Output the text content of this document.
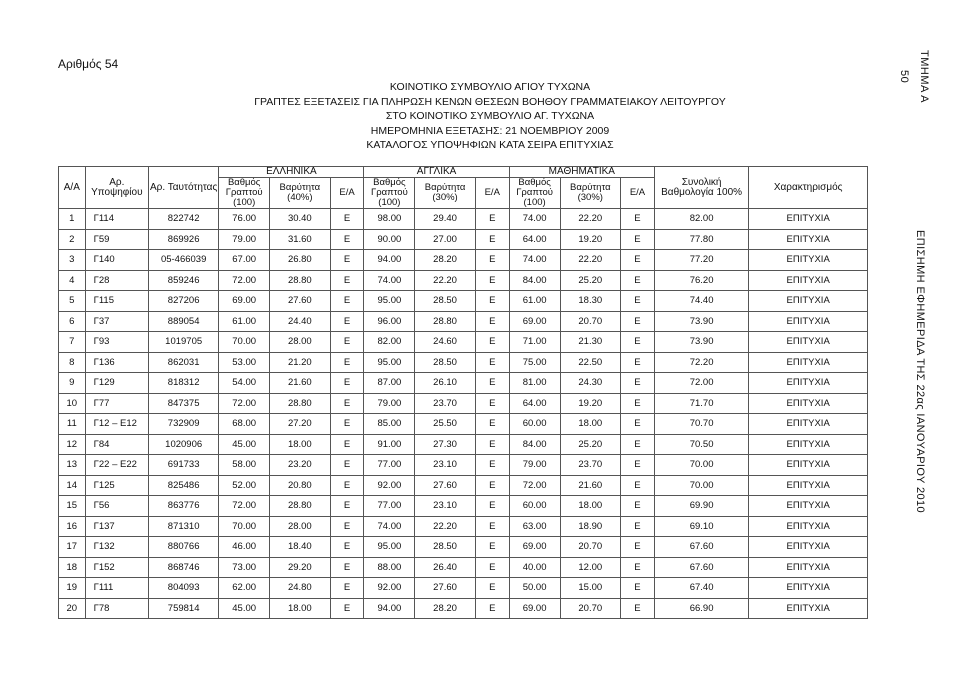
Αριθμός 54	ΤΜΗΜΑ Α
50
ΕΠΙΣΗΜΗ ΕΦΗΜΕΡΙΔΑ ΤΗΣ 22ας ΙΑΝΟΥΑΡΙΟΥ 2010
ΚΟΙΝΟΤΙΚΟ ΣΥΜΒΟΥΛΙΟ ΑΓΙΟΥ ΤΥΧΩΝΑ
ΓΡΑΠΤΕΣ ΕΞΕΤΑΣΕΙΣ ΓΙΑ ΠΛΗΡΩΣΗ ΚΕΝΩΝ ΘΕΣΕΩΝ ΒΟΗΘΟΥ ΓΡΑΜΜΑΤΕΙΑΚΟΥ ΛΕΙΤΟΥΡΓΟΥ
ΣΤΟ ΚΟΙΝΟΤΙΚΟ ΣΥΜΒΟΥΛΙΟ ΑΓ. ΤΥΧΩΝΑ
ΗΜΕΡΟΜΗΝΙΑ ΕΞΕΤΑΣΗΣ: 21 ΝΟΕΜΒΡΙΟΥ 2009
ΚΑΤΑΛΟΓΟΣ ΥΠΟΨΗΦΙΩΝ ΚΑΤΑ ΣΕΙΡΑ ΕΠΙΤΥΧΙΑΣ
Α/Α	Αρ. Υποψηφίου	Αρ. Ταυτότητας	ΕΛΛΗΝΙΚΑ			ΑΓΓΛΙΚΑ			ΜΑΘΗΜΑΤΙΚΑ			Συνολική Βαθμολογία 100%	Χαρακτηρισμός
			Βαθμός Γραπτού (100)	Βαρύτητα (40%)	Ε/Α	Βαθμός Γραπτού (100)	Βαρύτητα (30%)	Ε/Α	Βαθμός Γραπτού (100)	Βαρύτητα (30%)	Ε/Α		
1	Γ114	822742	76.00	30.40	Ε	98.00	29.40	Ε	74.00	22.20	Ε	82.00	ΕΠΙΤΥΧΙΑ
2	Γ59	869926	79.00	31.60	Ε	90.00	27.00	Ε	64.00	19.20	Ε	77.80	ΕΠΙΤΥΧΙΑ
3	Γ140	05-466039	67.00	26.80	Ε	94.00	28.20	Ε	74.00	22.20	Ε	77.20	ΕΠΙΤΥΧΙΑ
4	Γ28	859246	72.00	28.80	Ε	74.00	22.20	Ε	84.00	25.20	Ε	76.20	ΕΠΙΤΥΧΙΑ
5	Γ115	827206	69.00	27.60	Ε	95.00	28.50	Ε	61.00	18.30	Ε	74.40	ΕΠΙΤΥΧΙΑ
6	Γ37	889054	61.00	24.40	Ε	96.00	28.80	Ε	69.00	20.70	Ε	73.90	ΕΠΙΤΥΧΙΑ
7	Γ93	1019705	70.00	28.00	Ε	82.00	24.60	Ε	71.00	21.30	Ε	73.90	ΕΠΙΤΥΧΙΑ
8	Γ136	862031	53.00	21.20	Ε	95.00	28.50	Ε	75.00	22.50	Ε	72.20	ΕΠΙΤΥΧΙΑ
9	Γ129	818312	54.00	21.60	Ε	87.00	26.10	Ε	81.00	24.30	Ε	72.00	ΕΠΙΤΥΧΙΑ
10	Γ77	847375	72.00	28.80	Ε	79.00	23.70	Ε	64.00	19.20	Ε	71.70	ΕΠΙΤΥΧΙΑ
11	Γ12 – Ε12	732909	68.00	27.20	Ε	85.00	25.50	Ε	60.00	18.00	Ε	70.70	ΕΠΙΤΥΧΙΑ
12	Γ84	1020906	45.00	18.00	Ε	91.00	27.30	Ε	84.00	25.20	Ε	70.50	ΕΠΙΤΥΧΙΑ
13	Γ22 – Ε22	691733	58.00	23.20	Ε	77.00	23.10	Ε	79.00	23.70	Ε	70.00	ΕΠΙΤΥΧΙΑ
14	Γ125	825486	52.00	20.80	Ε	92.00	27.60	Ε	72.00	21.60	Ε	70.00	ΕΠΙΤΥΧΙΑ
15	Γ56	863776	72.00	28.80	Ε	77.00	23.10	Ε	60.00	18.00	Ε	69.90	ΕΠΙΤΥΧΙΑ
16	Γ137	871310	70.00	28.00	Ε	74.00	22.20	Ε	63.00	18.90	Ε	69.10	ΕΠΙΤΥΧΙΑ
17	Γ132	880766	46.00	18.40	Ε	95.00	28.50	Ε	69.00	20.70	Ε	67.60	ΕΠΙΤΥΧΙΑ
18	Γ152	868746	73.00	29.20	Ε	88.00	26.40	Ε	40.00	12.00	Ε	67.60	ΕΠΙΤΥΧΙΑ
19	Γ111	804093	62.00	24.80	Ε	92.00	27.60	Ε	50.00	15.00	Ε	67.40	ΕΠΙΤΥΧΙΑ
20	Γ78	759814	45.00	18.00	Ε	94.00	28.20	Ε	69.00	20.70	Ε	66.90	ΕΠΙΤΥΧΙΑ
